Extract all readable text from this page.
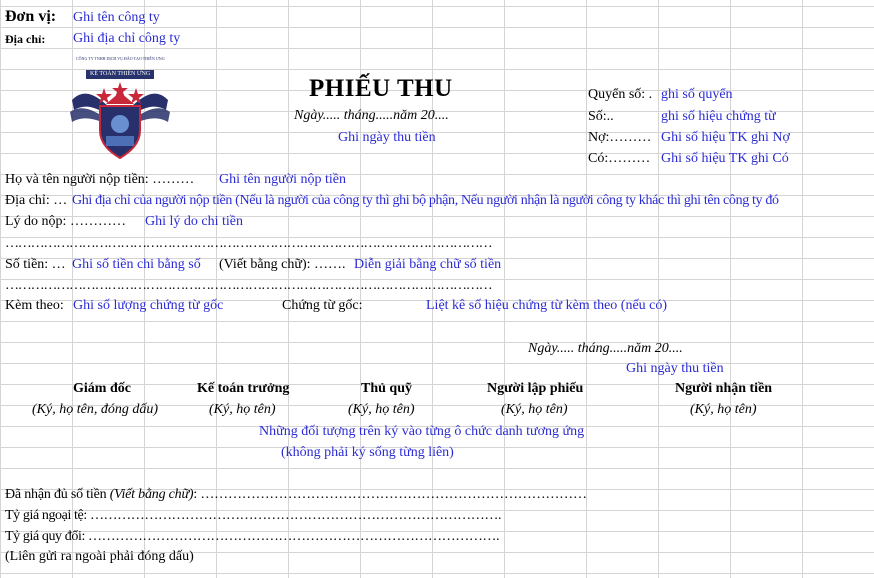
Đơn vị: Ghi tên công ty
Địa chỉ: Ghi địa chỉ công ty
CÔNG TY TNHH DỊCH VỤ ĐÀO TẠO THIÊN ƯNG
KẾ TOÁN THIÊN ƯNG
PHIẾU THU
Ngày..... tháng.....năm 20....
Ghi ngày thu tiền
Quyển số: . ghi số quyển
Số:..	ghi số hiệu chứng từ
Nợ:……… Ghi số hiệu TK ghi Nợ
Có:……… Ghi số hiệu TK ghi Có
Họ và tên người nộp tiền: ……… Ghi tên người nộp tiền
Địa chỉ: … Ghi địa chỉ của người nộp tiền (Nếu là người của công ty thì ghi bộ phận, Nếu người nhận là người công ty khác thì ghi tên công ty đó
Lý do nộp: ………… Ghi lý do chi tiền
……………………………………………………………………………………………………
Số tiền: … Ghi số tiền chi bằng số (Viết bằng chữ): ……. Diễn giải bằng chữ số tiền
……………………………………………………………………………………………………
Kèm theo: Ghi số lượng chứng từ gốc	Chứng từ gốc:	Liệt kê số hiệu chứng từ kèm theo (nếu có)
Ngày..... tháng.....năm 20....
Ghi ngày thu tiền
Giám đốc	Kế toán trưởng	Thủ quỹ	Người lập phiếu	Người nhận tiền
(Ký, họ tên, đóng dấu)	(Ký, họ tên)	(Ký, họ tên)	(Ký, họ tên)	(Ký, họ tên)
Những đối tượng trên ký vào từng ô chức danh tương ứng
(không phải ký sống từng liên)
Đã nhận đủ số tiền (Viết bằng chữ): …………………………………………………………………………
Tỷ giá ngoại tệ: ……………………………………………………………………………….
Tỷ giá quy đổi: ……………………………………………………………………………….
(Liên gửi ra ngoài phải đóng dấu)
